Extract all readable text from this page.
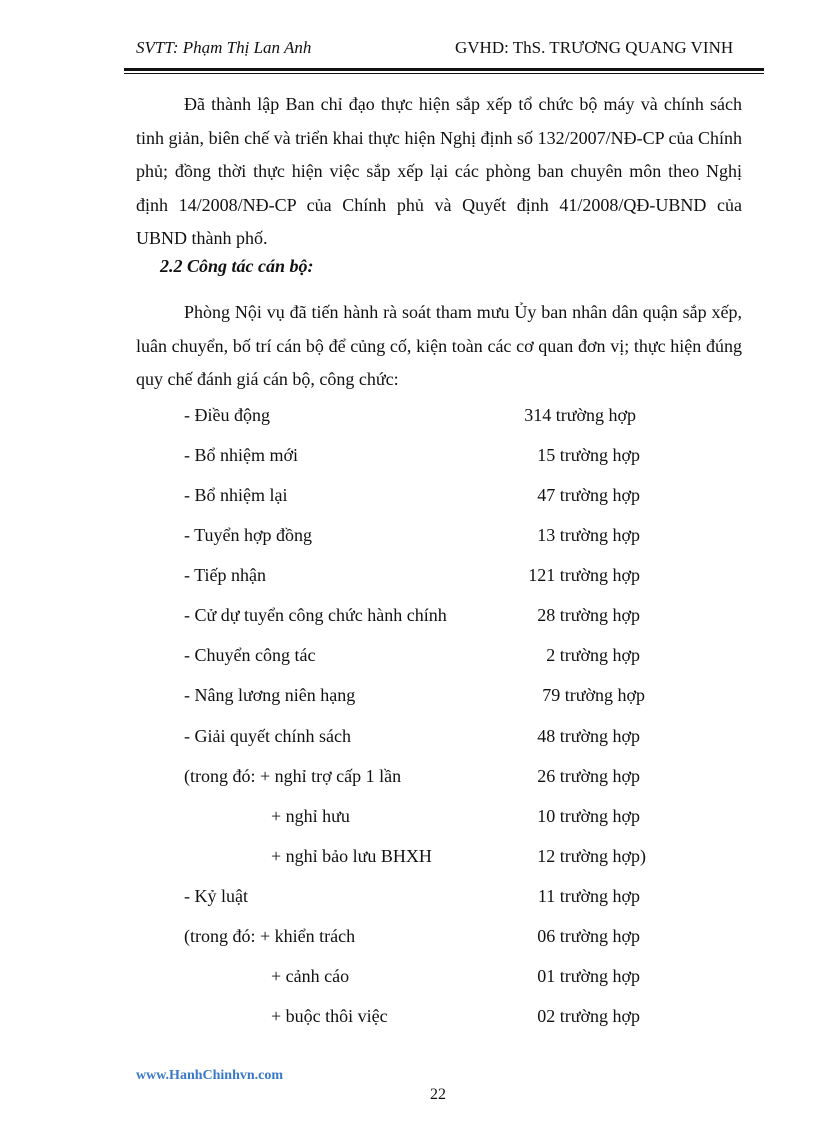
SVTT: Phạm Thị Lan Anh	GVHD: ThS. TRƯƠNG QUANG VINH
Đã thành lập Ban chỉ đạo thực hiện sắp xếp tổ chức bộ máy và chính sách tinh giản, biên chế và triển khai thực hiện Nghị định số 132/2007/NĐ-CP của Chính phủ; đồng thời thực hiện việc sắp xếp lại các phòng ban chuyên môn theo Nghị định 14/2008/NĐ-CP của Chính phủ và Quyết định 41/2008/QĐ-UBND của UBND thành phố.
2.2 Công tác cán bộ:
Phòng Nội vụ đã tiến hành rà soát tham mưu Ủy ban nhân dân quận sắp xếp, luân chuyển, bố trí cán bộ để củng cố, kiện toàn các cơ quan đơn vị; thực hiện đúng quy chế đánh giá cán bộ, công chức:
- Điều động	314 trường hợp
- Bổ nhiệm mới	15 trường hợp
- Bổ nhiệm lại	47 trường hợp
- Tuyển hợp đồng	13 trường hợp
- Tiếp nhận	121 trường hợp
- Cử dự tuyển công chức hành chính	28 trường hợp
- Chuyển công tác	2 trường hợp
- Nâng lương niên hạng	79 trường hợp
- Giải quyết chính sách	48 trường hợp
(trong đó: + nghỉ trợ cấp 1 lần	26 trường hợp
+ nghỉ hưu	10 trường hợp
+ nghỉ bảo lưu BHXH	12 trường hợp)
- Kỷ luật	11 trường hợp
(trong đó: + khiển trách	06 trường hợp
+ cảnh cáo	01 trường hợp
+ buộc thôi việc	02 trường hợp
www.HanhChinhvn.com
22
